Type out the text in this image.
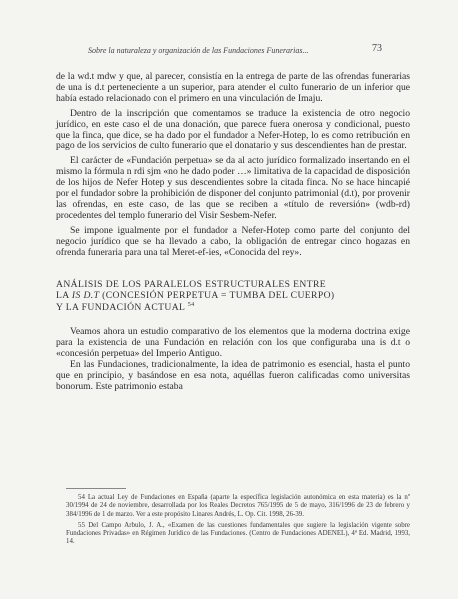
Sobre la naturaleza y organización de las Fundaciones Funerarias...	73

de la wd.t mdw y que, al parecer, consistía en la entrega de parte de las ofrendas funerarias de una is d.t perteneciente a un superior, para atender el culto funerario de un inferior que había estado relacionado con el primero en una vinculación de Imaju.

Dentro de la inscripción que comentamos se traduce la existencia de otro negocio jurídico, en este caso el de una donación, que parece fuera onerosa y condicional, puesto que la finca, que dice, se ha dado por el fundador a Nefer-Hotep, lo es como retribución en pago de los servicios de culto funerario que el donatario y sus descendientes han de prestar.

El carácter de «Fundación perpetua» se da al acto jurídico formalizado insertando en el mismo la fórmula n rdi sjm «no he dado poder …» limitativa de la capacidad de disposición de los hijos de Nefer Hotep y sus descendientes sobre la citada finca. No se hace hincapié por el fundador sobre la prohibición de disponer del conjunto patrimonial (d.t), por provenir las ofrendas, en este caso, de las que se reciben a «título de reversión» (wdb-rd) procedentes del templo funerario del Visir Sesbem-Nefer.

Se impone igualmente por el fundador a Nefer-Hotep como parte del conjunto del negocio jurídico que se ha llevado a cabo, la obligación de entregar cinco hogazas en ofrenda funeraria para una tal Meret-ef-ies, «Conocida del rey».

ANÁLISIS DE LOS PARALELOS ESTRUCTURALES ENTRE
LA IS D.T (CONCESIÓN PERPETUA = TUMBA DEL CUERPO)
Y LA FUNDACIÓN ACTUAL $^{54}$

Veamos ahora un estudio comparativo de los elementos que la moderna doctrina exige para la existencia de una Fundación en relación con los que configuraba una is d.t o «concesión perpetua» del Imperio Antiguo.

En las Fundaciones, tradicionalmente, la idea de patrimonio es esencial, hasta el punto que en principio, y basándose en esa nota, aquéllas fueron calificadas como universitas bonorum. Este patrimonio estaba

54 La actual Ley de Fundaciones en España (aparte la específica legislación autonómica en esta materia) es la nº 30/1994 de 24 de noviembre, desarrollada por los Reales Decretos 765/1995 de 5 de mayo, 316/1996 de 23 de febrero y 384/1996 de 1 de marzo. Ver a este propósito Linares Andrés, L. Op. Cit. 1998, 26-39.

55 Del Campo Arbulo, J. A., «Examen de las cuestiones fundamentales que sugiere la legislación vigente sobre Fundaciones Privadas» en Régimen Jurídico de las Fundaciones. (Centro de Fundaciones ADENEL), 4ª Ed. Madrid, 1993, 14.
